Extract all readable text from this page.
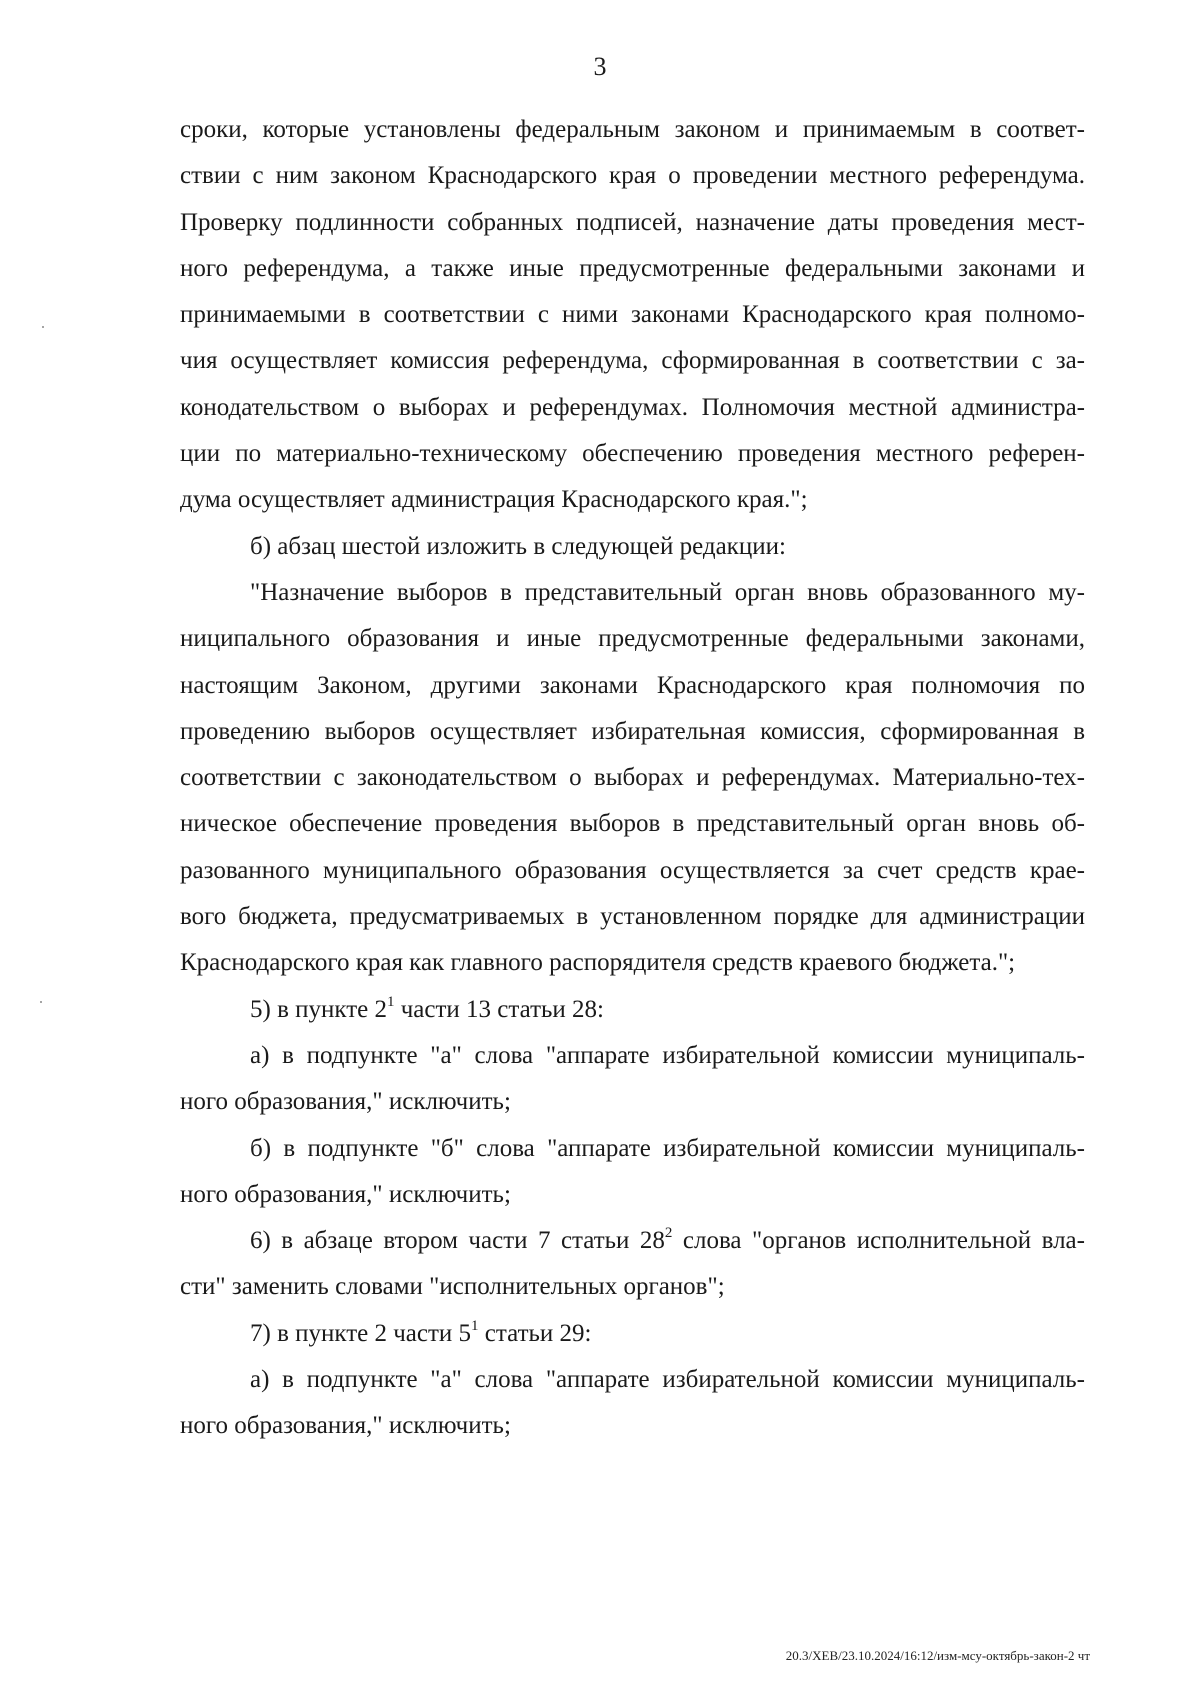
3
сроки, которые установлены федеральным законом и принимаемым в соответ-
ствии с ним законом Краснодарского края о проведении местного референдума.
Проверку подлинности собранных подписей, назначение даты проведения мест-
ного референдума, а также иные предусмотренные федеральными законами и
принимаемыми в соответствии с ними законами Краснодарского края полномо-
чия осуществляет комиссия референдума, сформированная в соответствии с за-
конодательством о выборах и референдумах. Полномочия местной администра-
ции по материально-техническому обеспечению проведения местного референ-
дума осуществляет администрация Краснодарского края.";
б) абзац шестой изложить в следующей редакции:
"Назначение выборов в представительный орган вновь образованного му-
ниципального образования и иные предусмотренные федеральными законами,
настоящим Законом, другими законами Краснодарского края полномочия по
проведению выборов осуществляет избирательная комиссия, сформированная в
соответствии с законодательством о выборах и референдумах. Материально-тех-
ническое обеспечение проведения выборов в представительный орган вновь об-
разованного муниципального образования осуществляется за счет средств крае-
вого бюджета, предусматриваемых в установленном порядке для администрации
Краснодарского края как главного распорядителя средств краевого бюджета.";
5) в пункте $2^1$ части 13 статьи 28:
а) в подпункте "а" слова "аппарате избирательной комиссии муниципаль-
ного образования," исключить;
б) в подпункте "б" слова "аппарате избирательной комиссии муниципаль-
ного образования," исключить;
6) в абзаце втором части 7 статьи $28^2$ слова "органов исполнительной вла-
сти" заменить словами "исполнительных органов";
7) в пункте 2 части $5^1$ статьи 29:
а) в подпункте "а" слова "аппарате избирательной комиссии муниципаль-
ного образования," исключить;
20.3/ХЕВ/23.10.2024/16:12/изм-мсу-октябрь-закон-2 чт
